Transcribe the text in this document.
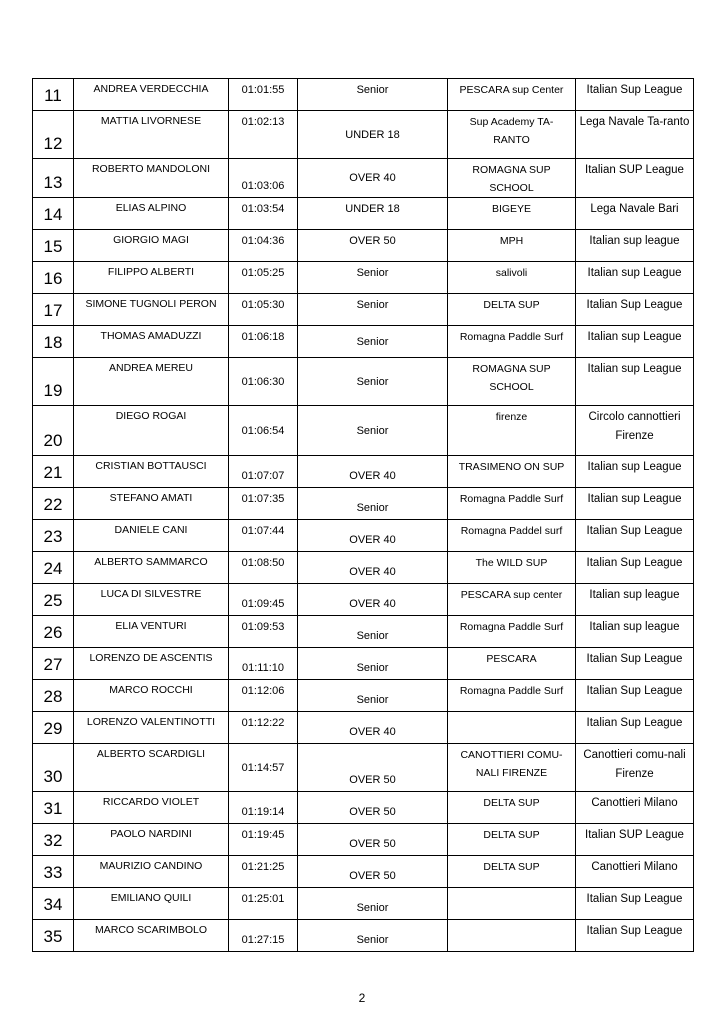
11	ANDREA VERDECCHIA	01:01:55	Senior	PESCARA sup Center	Italian Sup League

12	MATTIA LIVORNESE	01:02:13	UNDER 18	Sup Academy TA-RANTO	Lega Navale Ta-ranto

13	ROBERTO MANDOLONI	01:03:06	OVER 40	ROMAGNA SUP SCHOOL	Italian SUP League

14	ELIAS ALPINO	01:03:54	UNDER 18	BIGEYE	Lega Navale Bari

15	GIORGIO MAGI	01:04:36	OVER 50	MPH	Italian sup league

16	FILIPPO ALBERTI	01:05:25	Senior	salivoli	Italian sup League

17	SIMONE TUGNOLI PERON	01:05:30	Senior	DELTA SUP	Italian Sup League

18	THOMAS AMADUZZI	01:06:18	Senior	Romagna Paddle Surf	Italian sup League

19	ANDREA MEREU	01:06:30	Senior	ROMAGNA SUP SCHOOL	Italian sup League

20	DIEGO ROGAI	01:06:54	Senior	firenze	Circolo cannottieri Firenze

21	CRISTIAN BOTTAUSCI	01:07:07	OVER 40	TRASIMENO ON SUP	Italian sup League

22	STEFANO AMATI	01:07:35	Senior	Romagna Paddle Surf	Italian sup League

23	DANIELE CANI	01:07:44	OVER 40	Romagna Paddel surf	Italian Sup League

24	ALBERTO SAMMARCO	01:08:50	OVER 40	The WILD SUP	Italian Sup League

25	LUCA DI SILVESTRE	01:09:45	OVER 40	PESCARA sup center	Italian sup league

26	ELIA VENTURI	01:09:53	Senior	Romagna Paddle Surf	Italian sup league

27	LORENZO DE ASCENTIS	01:11:10	Senior	PESCARA	Italian Sup League

28	MARCO ROCCHI	01:12:06	Senior	Romagna Paddle Surf	Italian Sup League

29	LORENZO VALENTINOTTI	01:12:22	OVER 40		Italian Sup League

30	ALBERTO SCARDIGLI	01:14:57	OVER 50	CANOTTIERI COMU-NALI FIRENZE	Canottieri comu-nali Firenze

31	RICCARDO VIOLET	01:19:14	OVER 50	DELTA SUP	Canottieri Milano

32	PAOLO NARDINI	01:19:45	OVER 50	DELTA SUP	Italian SUP League

33	MAURIZIO CANDINO	01:21:25	OVER 50	DELTA SUP	Canottieri Milano

34	EMILIANO QUILI	01:25:01	Senior		Italian Sup League

35	MARCO SCARIMBOLO	01:27:15	Senior		Italian Sup League
2
